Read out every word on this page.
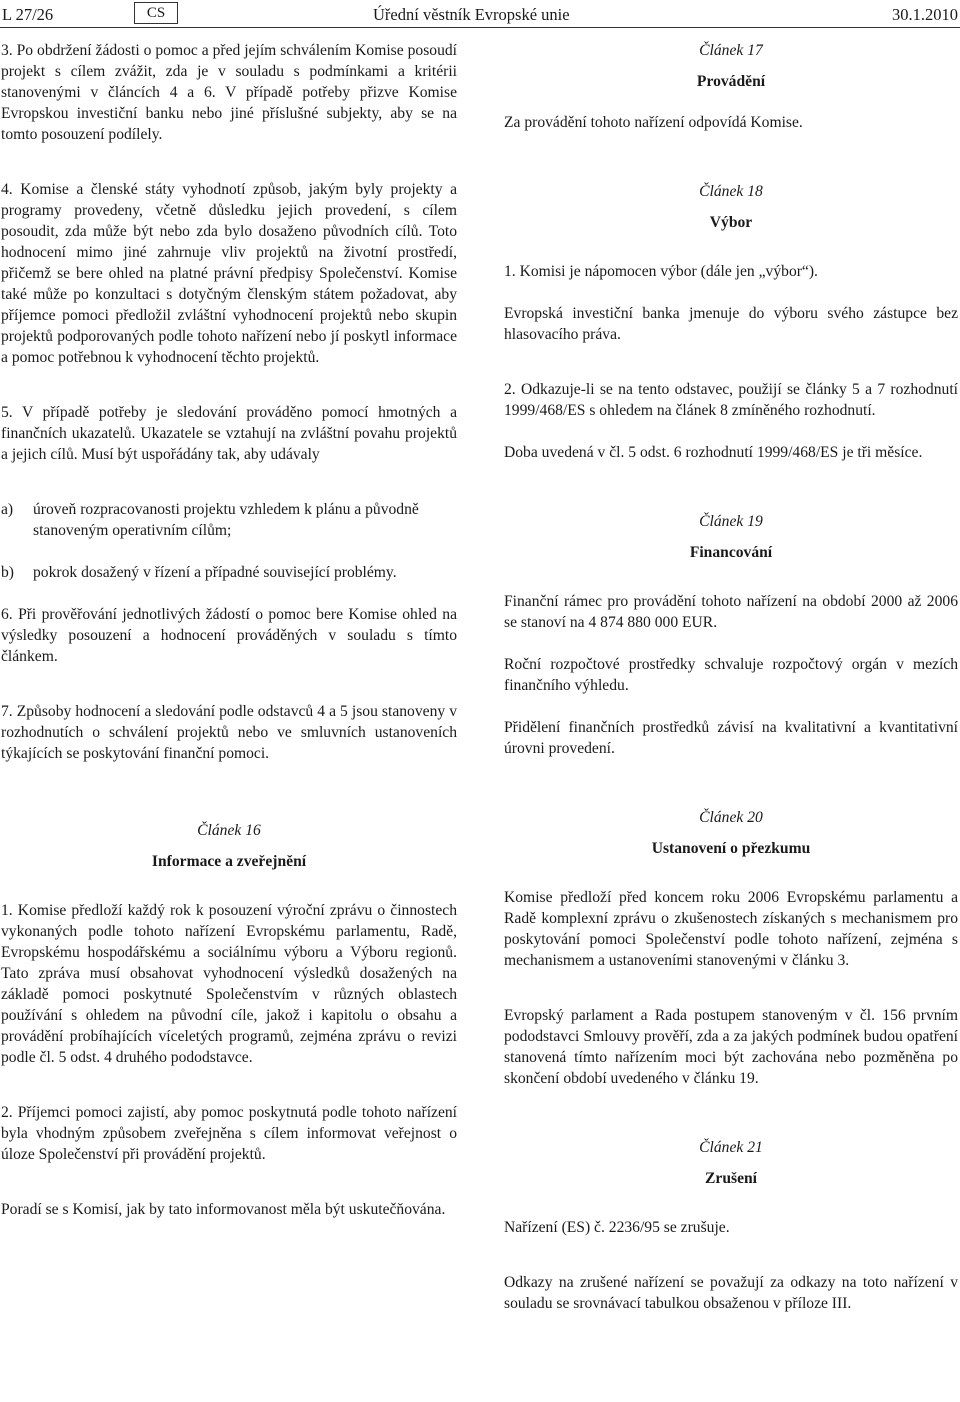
L 27/26	CS	Úřední věstník Evropské unie	30.1.2010

3. Po obdržení žádosti o pomoc a před jejím schválením Komise posoudí projekt s cílem zvážit, zda je v souladu s podmínkami a kritérii stanovenými v článcích 4 a 6. V případě potřeby přizve Komise Evropskou investiční banku nebo jiné příslušné subjekty, aby se na tomto posouzení podílely.

4. Komise a členské státy vyhodnotí způsob, jakým byly projekty a programy provedeny, včetně důsledku jejich provedení, s cílem posoudit, zda může být nebo zda bylo dosaženo původních cílů. Toto hodnocení mimo jiné zahrnuje vliv projektů na životní prostředí, přičemž se bere ohled na platné právní předpisy Společenství. Komise také může po konzultaci s dotyčným členským státem požadovat, aby příjemce pomoci předložil zvláštní vyhodnocení projektů nebo skupin projektů podporovaných podle tohoto nařízení nebo jí poskytl informace a pomoc potřebnou k vyhodnocení těchto projektů.

5. V případě potřeby je sledování prováděno pomocí hmotných a finančních ukazatelů. Ukazatele se vztahují na zvláštní povahu projektů a jejich cílů. Musí být uspořádány tak, aby udávaly

a)	úroveň rozpracovanosti projektu vzhledem k plánu a původně stanoveným operativním cílům;
b)	pokrok dosažený v řízení a případné související problémy.

6. Při prověřování jednotlivých žádostí o pomoc bere Komise ohled na výsledky posouzení a hodnocení prováděných v souladu s tímto článkem.

7. Způsoby hodnocení a sledování podle odstavců 4 a 5 jsou stanoveny v rozhodnutích o schválení projektů nebo ve smluvních ustanoveních týkajících se poskytování finanční pomoci.

Článek 16

Informace a zveřejnění

1. Komise předloží každý rok k posouzení výroční zprávu o činnostech vykonaných podle tohoto nařízení Evropskému parlamentu, Radě, Evropskému hospodářskému a sociálnímu výboru a Výboru regionů. Tato zpráva musí obsahovat vyhodnocení výsledků dosažených na základě pomoci poskytnuté Společenstvím v různých oblastech používání s ohledem na původní cíle, jakož i kapitolu o obsahu a provádění probíhajících víceletých programů, zejména zprávu o revizi podle čl. 5 odst. 4 druhého pododstavce.

2. Příjemci pomoci zajistí, aby pomoc poskytnutá podle tohoto nařízení byla vhodným způsobem zveřejněna s cílem informovat veřejnost o úloze Společenství při provádění projektů.

Poradí se s Komisí, jak by tato informovanost měla být uskutečňována.

Článek 17

Provádění

Za provádění tohoto nařízení odpovídá Komise.

Článek 18

Výbor

1. Komisi je nápomocen výbor (dále jen „výbor“).

Evropská investiční banka jmenuje do výboru svého zástupce bez hlasovacího práva.

2. Odkazuje-li se na tento odstavec, použijí se články 5 a 7 rozhodnutí 1999/468/ES s ohledem na článek 8 zmíněného rozhodnutí.

Doba uvedená v čl. 5 odst. 6 rozhodnutí 1999/468/ES je tři měsíce.

Článek 19

Financování

Finanční rámec pro provádění tohoto nařízení na období 2000 až 2006 se stanoví na 4 874 880 000 EUR.

Roční rozpočtové prostředky schvaluje rozpočtový orgán v mezích finančního výhledu.

Přidělení finančních prostředků závisí na kvalitativní a kvantitativní úrovni provedení.

Článek 20

Ustanovení o přezkumu

Komise předloží před koncem roku 2006 Evropskému parlamentu a Radě komplexní zprávu o zkušenostech získaných s mechanismem pro poskytování pomoci Společenství podle tohoto nařízení, zejména s mechanismem a ustanoveními stanovenými v článku 3.

Evropský parlament a Rada postupem stanoveným v čl. 156 prvním pododstavci Smlouvy prověří, zda a za jakých podmínek budou opatření stanovená tímto nařízením moci být zachována nebo pozměněna po skončení období uvedeného v článku 19.

Článek 21

Zrušení

Nařízení (ES) č. 2236/95 se zrušuje.

Odkazy na zrušené nařízení se považují za odkazy na toto nařízení v souladu se srovnávací tabulkou obsaženou v příloze III.
